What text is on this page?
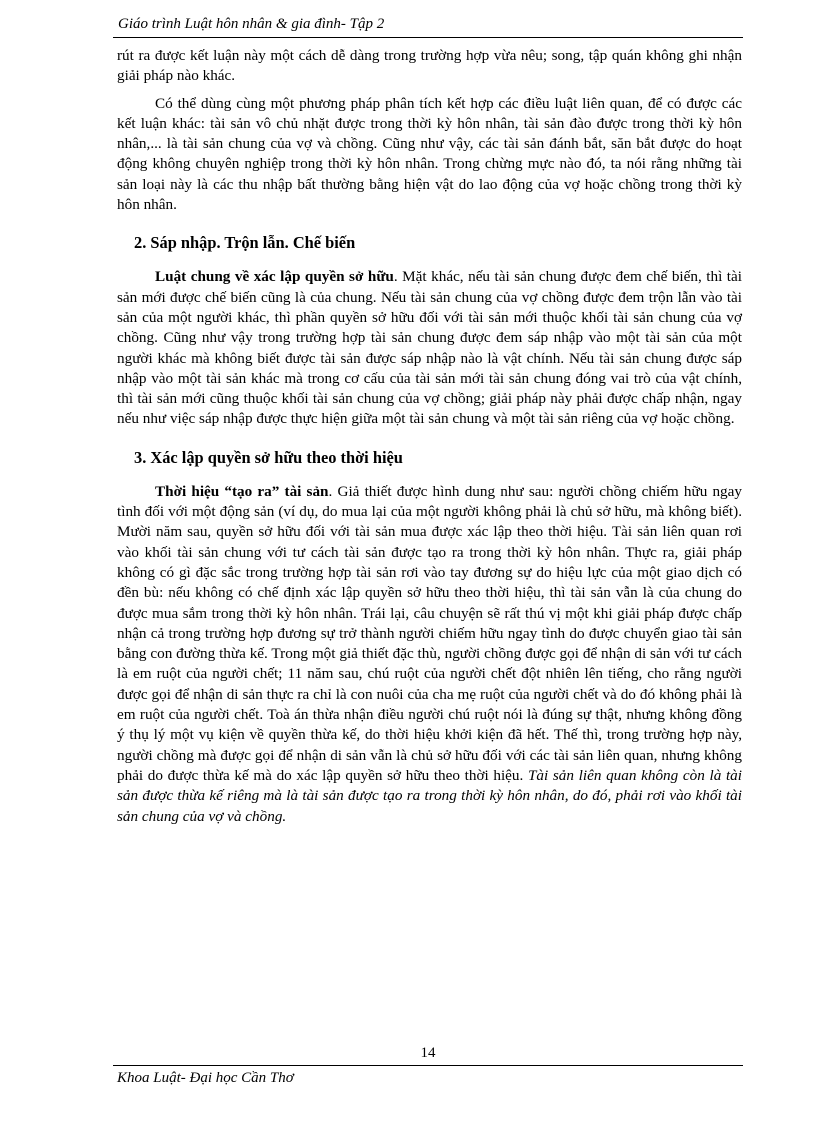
Giáo trình Luật hôn nhân & gia đình- Tập 2

rút ra được kết luận này một cách dễ dàng trong trường hợp vừa nêu; song, tập quán không ghi nhận giải pháp nào khác.

Có thể dùng cùng một phương pháp phân tích kết hợp các điều luật liên quan, để có được các kết luận khác: tài sản vô chủ nhặt được trong thời kỳ hôn nhân, tài sản đào được trong thời kỳ hôn nhân,... là tài sản chung của vợ và chồng. Cũng như vậy, các tài sản đánh bắt, săn bắt được do hoạt động không chuyên nghiệp trong thời kỳ hôn nhân. Trong chừng mực nào đó, ta nói rằng những tài sản loại này là các thu nhập bất thường bằng hiện vật do lao động của vợ hoặc chồng trong thời kỳ hôn nhân.

2. Sáp nhập. Trộn lẫn. Chế biến

Luật chung về xác lập quyền sở hữu. Mặt khác, nếu tài sản chung được đem chế biến, thì tài sản mới được chế biến cũng là của chung. Nếu tài sản chung của vợ chồng được đem trộn lẫn vào tài sản của một người khác, thì phần quyền sở hữu đối với tài sản mới thuộc khối tài sản chung của vợ chồng. Cũng như vậy trong trường hợp tài sản chung được đem sáp nhập vào một tài sản của một người khác mà không biết được tài sản được sáp nhập nào là vật chính. Nếu tài sản chung được sáp nhập vào một tài sản khác mà trong cơ cấu của tài sản mới tài sản chung đóng vai trò của vật chính, thì tài sản mới cũng thuộc khối tài sản chung của vợ chồng; giải pháp này phải được chấp nhận, ngay nếu như việc sáp nhập được thực hiện giữa một tài sản chung và một tài sản riêng của vợ hoặc chồng.

3. Xác lập quyền sở hữu theo thời hiệu

Thời hiệu “tạo ra” tài sản. Giả thiết được hình dung như sau: người chồng chiếm hữu ngay tình đối với một động sản (ví dụ, do mua lại của một người không phải là chủ sở hữu, mà không biết). Mười năm sau, quyền sở hữu đối với tài sản mua được xác lập theo thời hiệu. Tài sản liên quan rơi vào khối tài sản chung với tư cách tài sản được tạo ra trong thời kỳ hôn nhân. Thực ra, giải pháp không có gì đặc sắc trong trường hợp tài sản rơi vào tay đương sự do hiệu lực của một giao dịch có đền bù: nếu không có chế định xác lập quyền sở hữu theo thời hiệu, thì tài sản vẫn là của chung do được mua sắm trong thời kỳ hôn nhân. Trái lại, câu chuyện sẽ rất thú vị một khi giải pháp được chấp nhận cả trong trường hợp đương sự trở thành người chiếm hữu ngay tình do được chuyển giao tài sản bằng con đường thừa kế. Trong một giả thiết đặc thù, người chồng được gọi để nhận di sản với tư cách là em ruột của người chết; 11 năm sau, chú ruột của người chết đột nhiên lên tiếng, cho rằng người được gọi để nhận di sản thực ra chỉ là con nuôi của cha mẹ ruột của người chết và do đó không phải là em ruột của người chết. Toà án thừa nhận điều người chú ruột nói là đúng sự thật, nhưng không đồng ý thụ lý một vụ kiện về quyền thừa kế, do thời hiệu khởi kiện đã hết. Thế thì, trong trường hợp này, người chồng mà được gọi để nhận di sản vẫn là chủ sở hữu đối với các tài sản liên quan, nhưng không phải do được thừa kế mà do xác lập quyền sở hữu theo thời hiệu. Tài sản liên quan không còn là tài sản được thừa kế riêng mà là tài sản được tạo ra trong thời kỳ hôn nhân, do đó, phải rơi vào khối tài sản chung của vợ và chồng.

14
Khoa Luật- Đại học Cần Thơ
